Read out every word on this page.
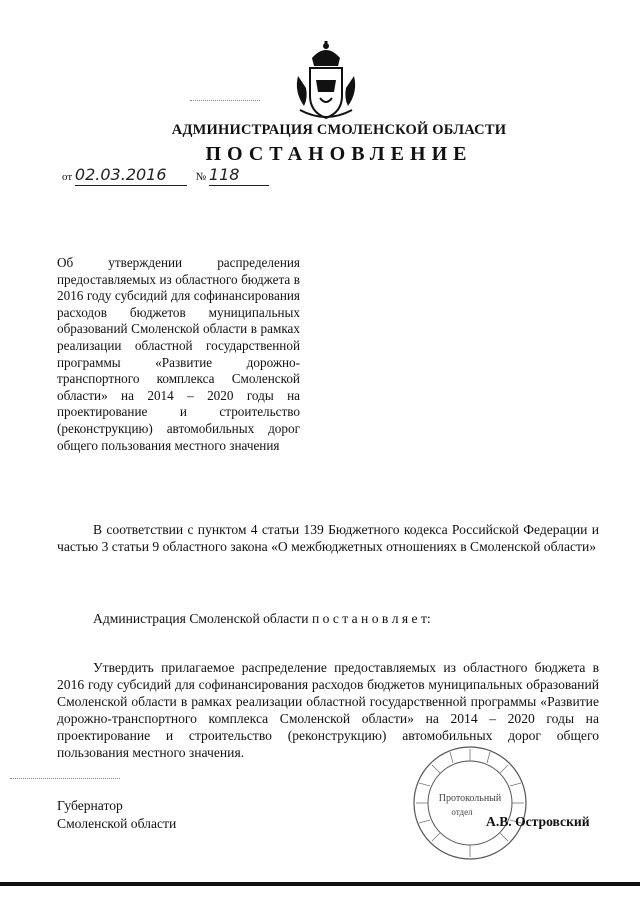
АДМИНИСТРАЦИЯ СМОЛЕНСКОЙ ОБЛАСТИ
ПОСТАНОВЛЕНИЕ
от 02.03.2016	№ 118
Об утверждении распределения предоставляемых из областного бюджета в 2016 году субсидий для софинансирования расходов бюджетов муниципальных образований Смоленской области в рамках реализации областной государственной программы «Развитие дорожно-транспортного комплекса Смоленской области» на 2014 – 2020 годы на проектирование и строительство (реконструкцию) автомобильных дорог общего пользования местного значения
В соответствии с пунктом 4 статьи 139 Бюджетного кодекса Российской Федерации и частью 3 статьи 9 областного закона «О межбюджетных отношениях в Смоленской области»
Администрация Смоленской области п о с т а н о в л я е т:
Утвердить прилагаемое распределение предоставляемых из областного бюджета в 2016 году субсидий для софинансирования расходов бюджетов муниципальных образований Смоленской области в рамках реализации областной государственной программы «Развитие дорожно-транспортного комплекса Смоленской области» на 2014 – 2020 годы на проектирование и строительство (реконструкцию) автомобильных дорог общего пользования местного значения.
Протокольный
отдел
Губернатор
Смоленской области	А.В. Островский
